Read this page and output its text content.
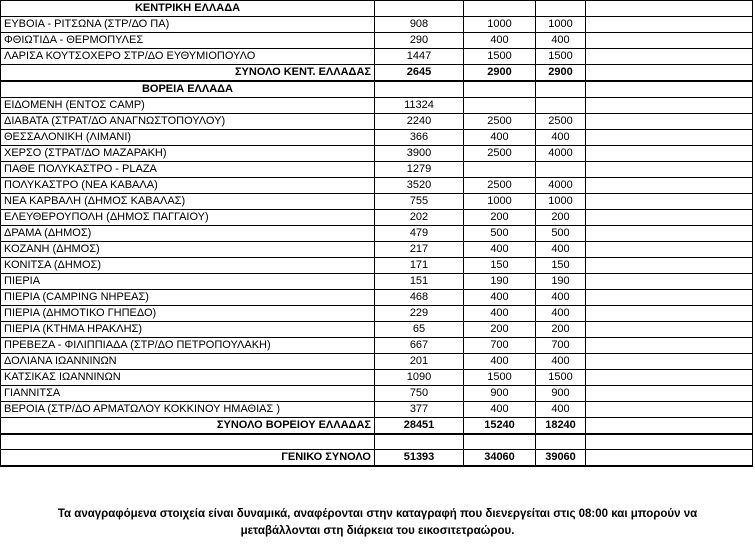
ΚΕΝΤΡΙΚΗ ΕΛΛΑΔΑ				
ΕΥΒΟΙΑ - ΡΙΤΣΩΝΑ (ΣΤΡ/ΔΟ ΠΑ)	908	1000	1000	
ΦΘΙΩΤΙΔΑ - ΘΕΡΜΟΠΥΛΕΣ	290	400	400	
ΛΑΡΙΣΑ ΚΟΥΤΣΟΧΕΡΟ ΣΤΡ/ΔΟ ΕΥΘΥΜΙΟΠΟΥΛΟ	1447	1500	1500	
ΣΥΝΟΛΟ ΚΕΝΤ. ΕΛΛΑΔΑΣ	2645	2900	2900	
ΒΟΡΕΙΑ ΕΛΛΑΔΑ				
ΕΙΔΟΜΕΝΗ (ΕΝΤΟΣ CAMP)	11324			
ΔΙΑΒΑΤΑ (ΣΤΡΑΤ/ΔΟ ΑΝΑΓΝΩΣΤΟΠΟΥΛΟΥ)	2240	2500	2500	
ΘΕΣΣΑΛΟΝΙΚΗ (ΛΙΜΑΝΙ)	366	400	400	
ΧΕΡΣΟ (ΣΤΡΑΤ/ΔΟ ΜΑΖΑΡΑΚΗ)	3900	2500	4000	
ΠΑΘΕ ΠΟΛΥΚΑΣΤΡΟ - PLAZA	1279			
ΠΟΛΥΚΑΣΤΡΟ (ΝΕΑ ΚΑΒΑΛΑ)	3520	2500	4000	
ΝΕΑ ΚΑΡΒΑΛΗ (ΔΗΜΟΣ ΚΑΒΑΛΑΣ)	755	1000	1000	
ΕΛΕΥΘΕΡΟΥΠΟΛΗ (ΔΗΜΟΣ ΠΑΓΓΑΙΟΥ)	202	200	200	
ΔΡΑΜΑ (ΔΗΜΟΣ)	479	500	500	
ΚΟΖΑΝΗ (ΔΗΜΟΣ)	217	400	400	
ΚΟΝΙΤΣΑ (ΔΗΜΟΣ)	171	150	150	
ΠΙΕΡΙΑ	151	190	190	
ΠΙΕΡΙΑ (CAMPING ΝΗΡΕΑΣ)	468	400	400	
ΠΙΕΡΙΑ (ΔΗΜΟΤΙΚΟ ΓΗΠΕΔΟ)	229	400	400	
ΠΙΕΡΙΑ (ΚΤΗΜΑ ΗΡΑΚΛΗΣ)	65	200	200	
ΠΡΕΒΕΖΑ - ΦΙΛΙΠΠΙΑΔΑ (ΣΤΡ/ΔΟ ΠΕΤΡΟΠΟΥΛΑΚΗ)	667	700	700	
ΔΟΛΙΑΝΑ ΙΩΑΝΝΙΝΩΝ	201	400	400	
ΚΑΤΣΙΚΑΣ ΙΩΑΝΝΙΝΩΝ	1090	1500	1500	
ΓΙΑΝΝΙΤΣΑ	750	900	900	
ΒΕΡΟΙΑ (ΣΤΡ/ΔΟ ΑΡΜΑΤΩΛΟΥ ΚΟΚΚΙΝΟΥ ΗΜΑΘΙΑΣ )	377	400	400	
ΣΥΝΟΛΟ ΒΟΡΕΙΟΥ ΕΛΛΑΔΑΣ	28451	15240	18240	

ΓΕΝΙΚΟ ΣΥΝΟΛΟ	51393	34060	39060	
Τα αναγραφόμενα στοιχεία είναι δυναμικά, αναφέρονται στην καταγραφή που διενεργείται στις 08:00 και μπορούν να
μεταβάλλονται στη διάρκεια του εικοσιτετραώρου.
